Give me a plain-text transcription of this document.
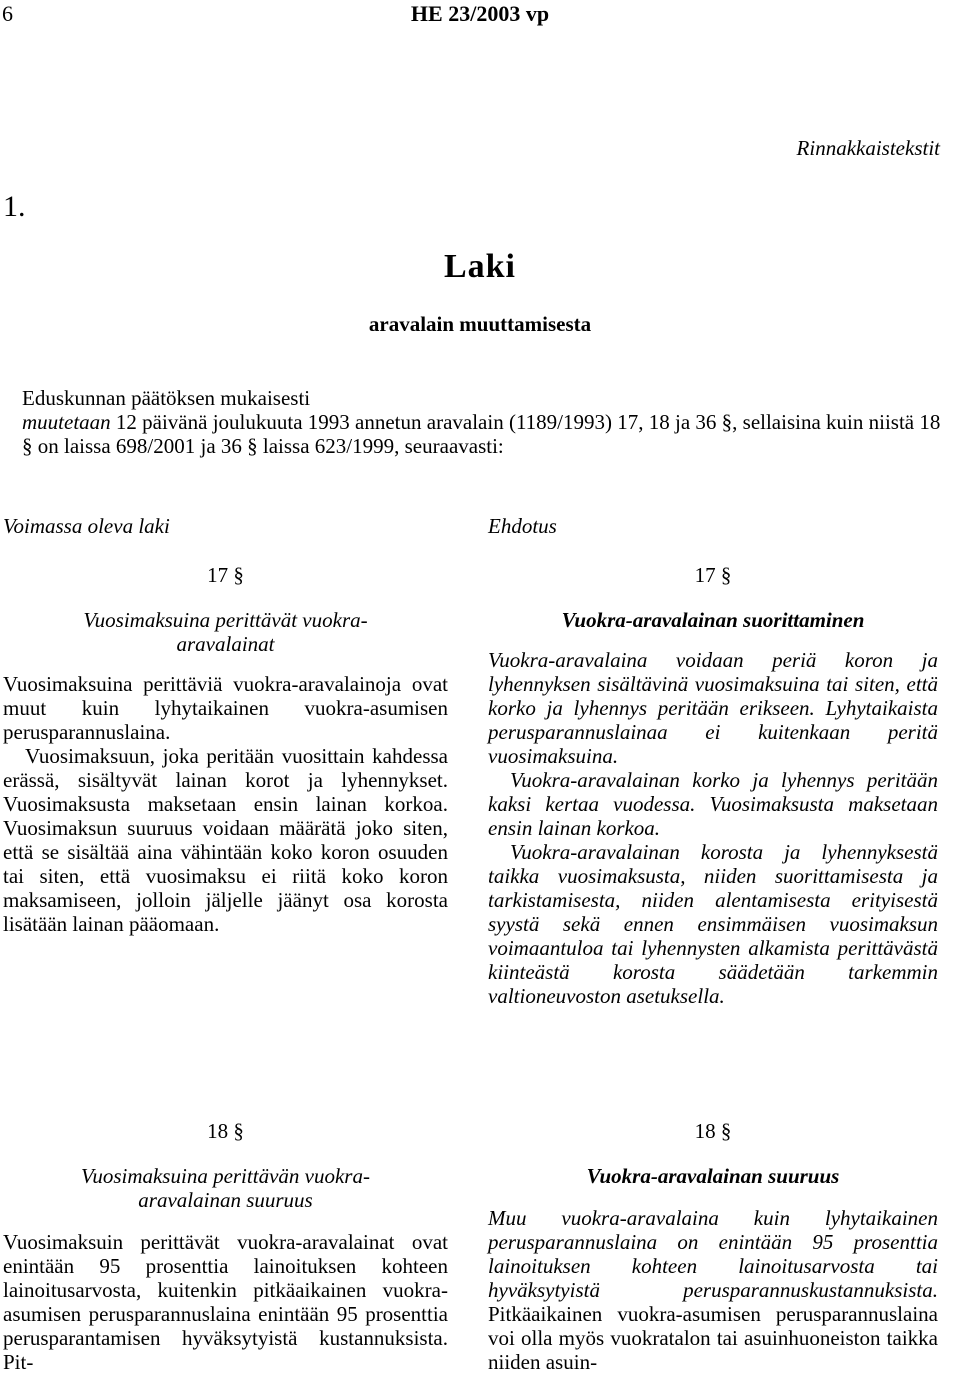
6	HE 23/2003 vp
Rinnakkaistekstit
1.
Laki
aravalain muuttamisesta

Eduskunnan päätöksen mukaisesti

muutetaan 12 päivänä joulukuuta 1993 annetun aravalain (1189/1993) 17, 18 ja 36 §, sellaisina kuin niistä 18 § on laissa 698/2001 ja 36 § laissa 623/1999, seuraavasti:

Voimassa oleva laki	Ehdotus
17 §
Vuosimaksuina perittävät vuokra-aravalainat

Vuosimaksuina perittäviä vuokra-aravalainoja ovat muut kuin lyhytaikainen vuokra-asumisen perusparannuslaina.

Vuosimaksuun, joka peritään vuosittain kahdessa erässä, sisältyvät lainan korot ja lyhennykset. Vuosimaksusta maksetaan ensin lainan korkoa. Vuosimaksun suuruus voidaan määrätä joko siten, että se sisältää aina vähintään koko koron osuuden tai siten, että vuosimaksu ei riitä koko koron maksamiseen, jolloin jäljelle jäänyt osa korosta lisätään lainan pääomaan.

17 §
Vuokra-aravalainan suorittaminen

Vuokra-aravalaina voidaan periä koron ja lyhennyksen sisältävinä vuosimaksuina tai siten, että korko ja lyhennys peritään erikseen. Lyhytaikaista perusparannuslainaa ei kuitenkaan peritä vuosimaksuina.

Vuokra-aravalainan korko ja lyhennys peritään kaksi kertaa vuodessa. Vuosimaksusta maksetaan ensin lainan korkoa.

Vuokra-aravalainan korosta ja lyhennyksestä taikka vuosimaksusta, niiden suorittamisesta ja tarkistamisesta, niiden alentamisesta erityisestä syystä sekä ennen ensimmäisen vuosimaksun voimaantuloa tai lyhennysten alkamista perittävästä kiinteästä korosta säädetään tarkemmin valtioneuvoston asetuksella.

18 §
Vuosimaksuina perittävän vuokra-aravalainan suuruus

Vuosimaksuin perittävät vuokra-aravalainat ovat enintään 95 prosenttia lainoituksen kohteen lainoitusarvosta, kuitenkin pitkäaikainen vuokra-asumisen perusparannuslaina enintään 95 prosenttia perusparantamisen hyväksytyistä kustannuksista. Pit-

18 §
Vuokra-aravalainan suuruus

Muu vuokra-aravalaina kuin lyhytaikainen perusparannuslaina on enintään 95 prosenttia lainoituksen kohteen lainoitusarvosta tai hyväksytyistä perusparannuskustannuksista. Pitkäaikainen vuokra-asumisen perusparannuslaina voi olla myös vuokratalon tai asuinhuoneiston taikka niiden asuin-
